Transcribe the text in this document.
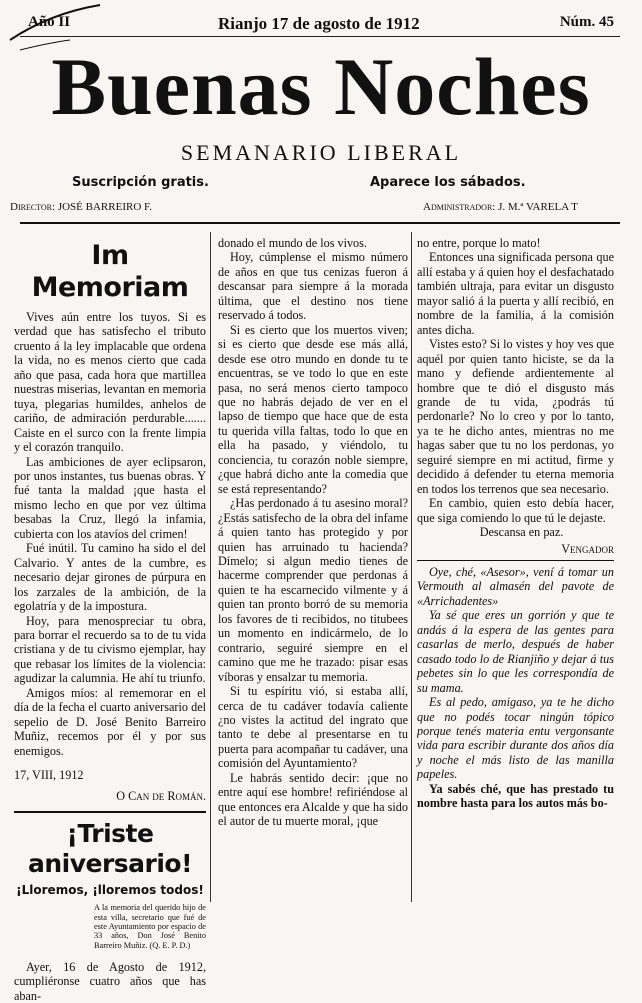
Año II	Rianjo 17 de agosto de 1912	Núm. 45
Buenas Noches
SEMANARIO LIBERAL
Suscripción gratis.	Aparece los sábados.
Director: JOSÉ BARREIRO F.	Administrador: J. M.ª VARELA T
Im Memoriam

Vives aún entre los tuyos. Si es verdad que has satisfecho el tributo cruento á la ley implacable que ordena la vida, no es menos cierto que cada año que pasa, cada hora que martillea nuestras miserias, levantan en memoria tuya, plegarias humildes, anhelos de cariño, de admiración perdurable....... Caiste en el surco con la frente limpia y el corazón tranquilo.

Las ambiciones de ayer eclipsaron, por unos instantes, tus buenas obras. Y fué tanta la maldad ¡que hasta el mismo lecho en que por vez última besabas la Cruz, llegó la infamia, cubierta con los atavíos del crimen!

Fué inútil. Tu camino ha sido el del Calvario. Y antes de la cumbre, es necesario dejar girones de púrpura en los zarzales de la ambición, de la egolatría y de la impostura.

Hoy, para menospreciar tu obra, para borrar el recuerdo sa to de tu vida cristiana y de tu civismo ejemplar, hay que rebasar los límites de la violencia: agudizar la calumnia. He ahí tu triunfo.

Amigos míos: al rememorar en el día de la fecha el cuarto aniversario del sepelio de D. José Benito Barreiro Muñiz, recemos por él y por sus enemigos.

17, VIII, 1912
O Can de Román.
¡Triste aniversario!
¡Lloremos, ¡lloremos todos!
A la memoria del querido hijo de esta villa, secretario que fué de este Ayuntamiento por espacio de 33 años, Don José Benito Barreiro Muñiz. (Q. E. P. D.)

Ayer, 16 de Agosto de 1912, cumpliéronse cuatro años que has aban-

donado el mundo de los vivos.

Hoy, cúmplense el mismo número de años en que tus cenizas fueron á descansar para siempre á la morada última, que el destino nos tiene reservado á todos.

Si es cierto que los muertos viven; si es cierto que desde ese más allá, desde ese otro mundo en donde tu te encuentras, se ve todo lo que en este pasa, no será menos cierto tampoco que no habrás dejado de ver en el lapso de tiempo que hace que de esta tu querida villa faltas, todo lo que en ella ha pasado, y viéndolo, tu conciencia, tu corazón noble siempre, ¿que habrá dicho ante la comedia que se está representando?

¿Has perdonado á tu asesino moral? ¿Estás satisfecho de la obra del infame á quien tanto has protegido y por quien has arruinado tu hacienda? Dímelo; si algun medio tienes de hacerme comprender que perdonas á quien te ha escarnecido vilmente y á quien tan pronto borró de su memoria los favores de ti recibidos, no titubees un momento en indicármelo, de lo contrario, seguiré siempre en el camino que me he trazado: pisar esas víboras y ensalzar tu memoria.

Si tu espíritu vió, si estaba allí, cerca de tu cadáver todavía caliente ¿no vistes la actitud del ingrato que tanto te debe al presentarse en tu puerta para acompañar tu cadáver, una comisión del Ayuntamiento?

Le habrás sentido decir: ¡que no entre aquí ese hombre! refiriéndose al que entonces era Alcalde y que ha sido el autor de tu muerte moral, ¡que

no entre, porque lo mato!

Entonces una significada persona que allí estaba y á quien hoy el desfachatado también ultraja, para evitar un disgusto mayor salió á la puerta y allí recibió, en nombre de la familia, á la comisión antes dicha.

Vistes esto? Si lo vistes y hoy ves que aquél por quien tanto hiciste, se da la mano y defiende ardientemente al hombre que te dió el disgusto más grande de tu vida, ¿podrás tú perdonarle? No lo creo y por lo tanto, ya te he dicho antes, mientras no me hagas saber que tu no los perdonas, yo seguiré siempre en mi actitud, firme y decidido á defender tu eterna memoria en todos los terrenos que sea necesario.

En cambio, quien esto debía hacer, que siga comiendo lo que tú le dejaste.

Descansa en paz.

Vengador

Oye, ché, «Asesor», vení á tomar un Vermouth al almasén del pavote de «Arrichadentes»

Ya sé que eres un gorrión y que te andás á la espera de las gentes para casarlas de merlo, después de haber casado todo lo de Rianjiño y dejar á tus pebetes sin lo que les correspondía de su mama.

Es al pedo, amigaso, ya te he dicho que no podés tocar ningún tópico porque tenés materia entu vergonsante vida para escribir durante dos años día y noche el más listo de las manilla papeles.

Ya sabés ché, que has prestado tu nombre hasta para los autos más bo-
